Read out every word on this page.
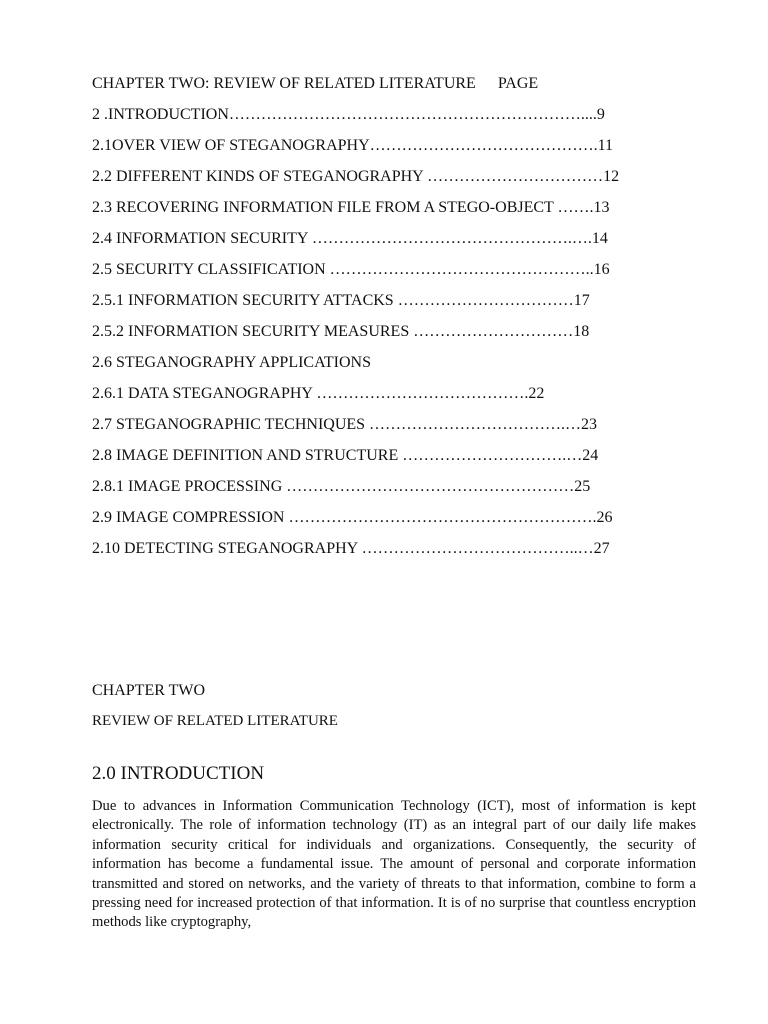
CHAPTER TWO: REVIEW OF RELATED LITERATURE PAGE
2 .INTRODUCTION…………………………………………………………....9
2.1OVER VIEW OF STEGANOGRAPHY…………………………………….11
2.2 DIFFERENT KINDS OF STEGANOGRAPHY ……………………………12
2.3 RECOVERING INFORMATION FILE FROM A STEGO-OBJECT …….13
2.4 INFORMATION SECURITY ………………………………………….….14
2.5 SECURITY CLASSIFICATION …………………………………………..16
2.5.1 INFORMATION SECURITY ATTACKS ……………………………17
2.5.2 INFORMATION SECURITY MEASURES …………………………18
2.6 STEGANOGRAPHY APPLICATIONS
2.6.1 DATA STEGANOGRAPHY ………………………………….22
2.7 STEGANOGRAPHIC TECHNIQUES ……………………………….…23
2.8 IMAGE DEFINITION AND STRUCTURE ………………………….…24
2.8.1 IMAGE PROCESSING ………………………………………………25
2.9 IMAGE COMPRESSION ………………………………………………….26
2.10 DETECTING STEGANOGRAPHY …………………………………..…27

CHAPTER TWO

REVIEW OF RELATED LITERATURE

2.0 INTRODUCTION

Due to advances in Information Communication Technology (ICT), most of information is kept electronically. The role of information technology (IT) as an integral part of our daily life makes information security critical for individuals and organizations. Consequently, the security of information has become a fundamental issue. The amount of personal and corporate information transmitted and stored on networks, and the variety of threats to that information, combine to form a pressing need for increased protection of that information. It is of no surprise that countless encryption methods like cryptography,
